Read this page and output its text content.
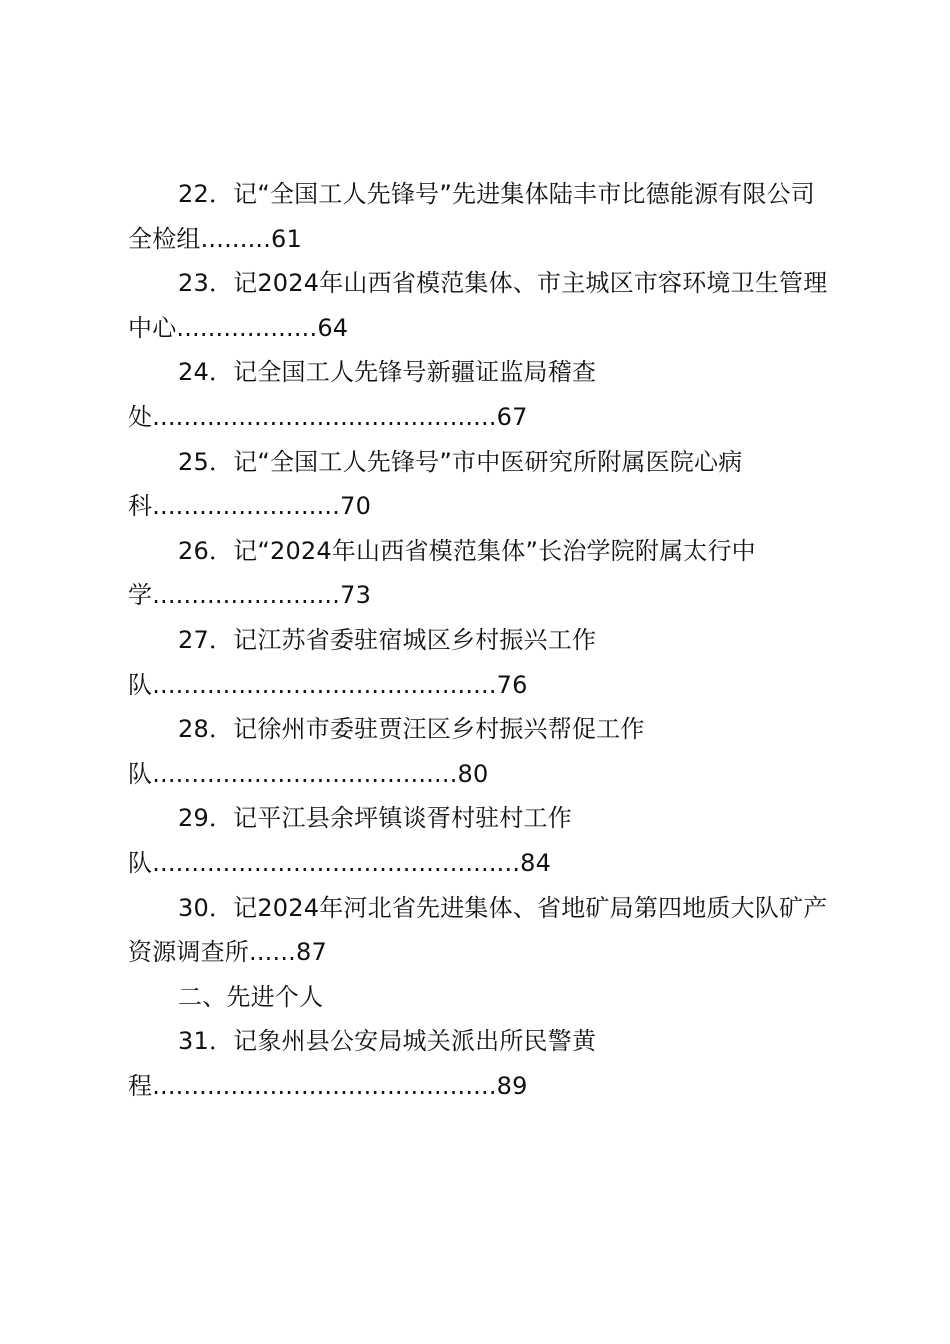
22．记“全国工人先锋号”先进集体陆丰市比德能源有限公司全检组.........61

23．记2024年山西省模范集体、市主城区市容环境卫生管理中心..................64

24．记全国工人先锋号新疆证监局稽查处............................................67

25．记“全国工人先锋号”市中医研究所附属医院心病科........................70

26．记“2024年山西省模范集体”长治学院附属太行中学........................73

27．记江苏省委驻宿城区乡村振兴工作队............................................76

28．记徐州市委驻贾汪区乡村振兴帮促工作队.......................................80

29．记平江县余坪镇谈胥村驻村工作队...............................................84

30．记2024年河北省先进集体、省地矿局第四地质大队矿产资源调查所......87

二、先进个人

31．记象州县公安局城关派出所民警黄程............................................89
